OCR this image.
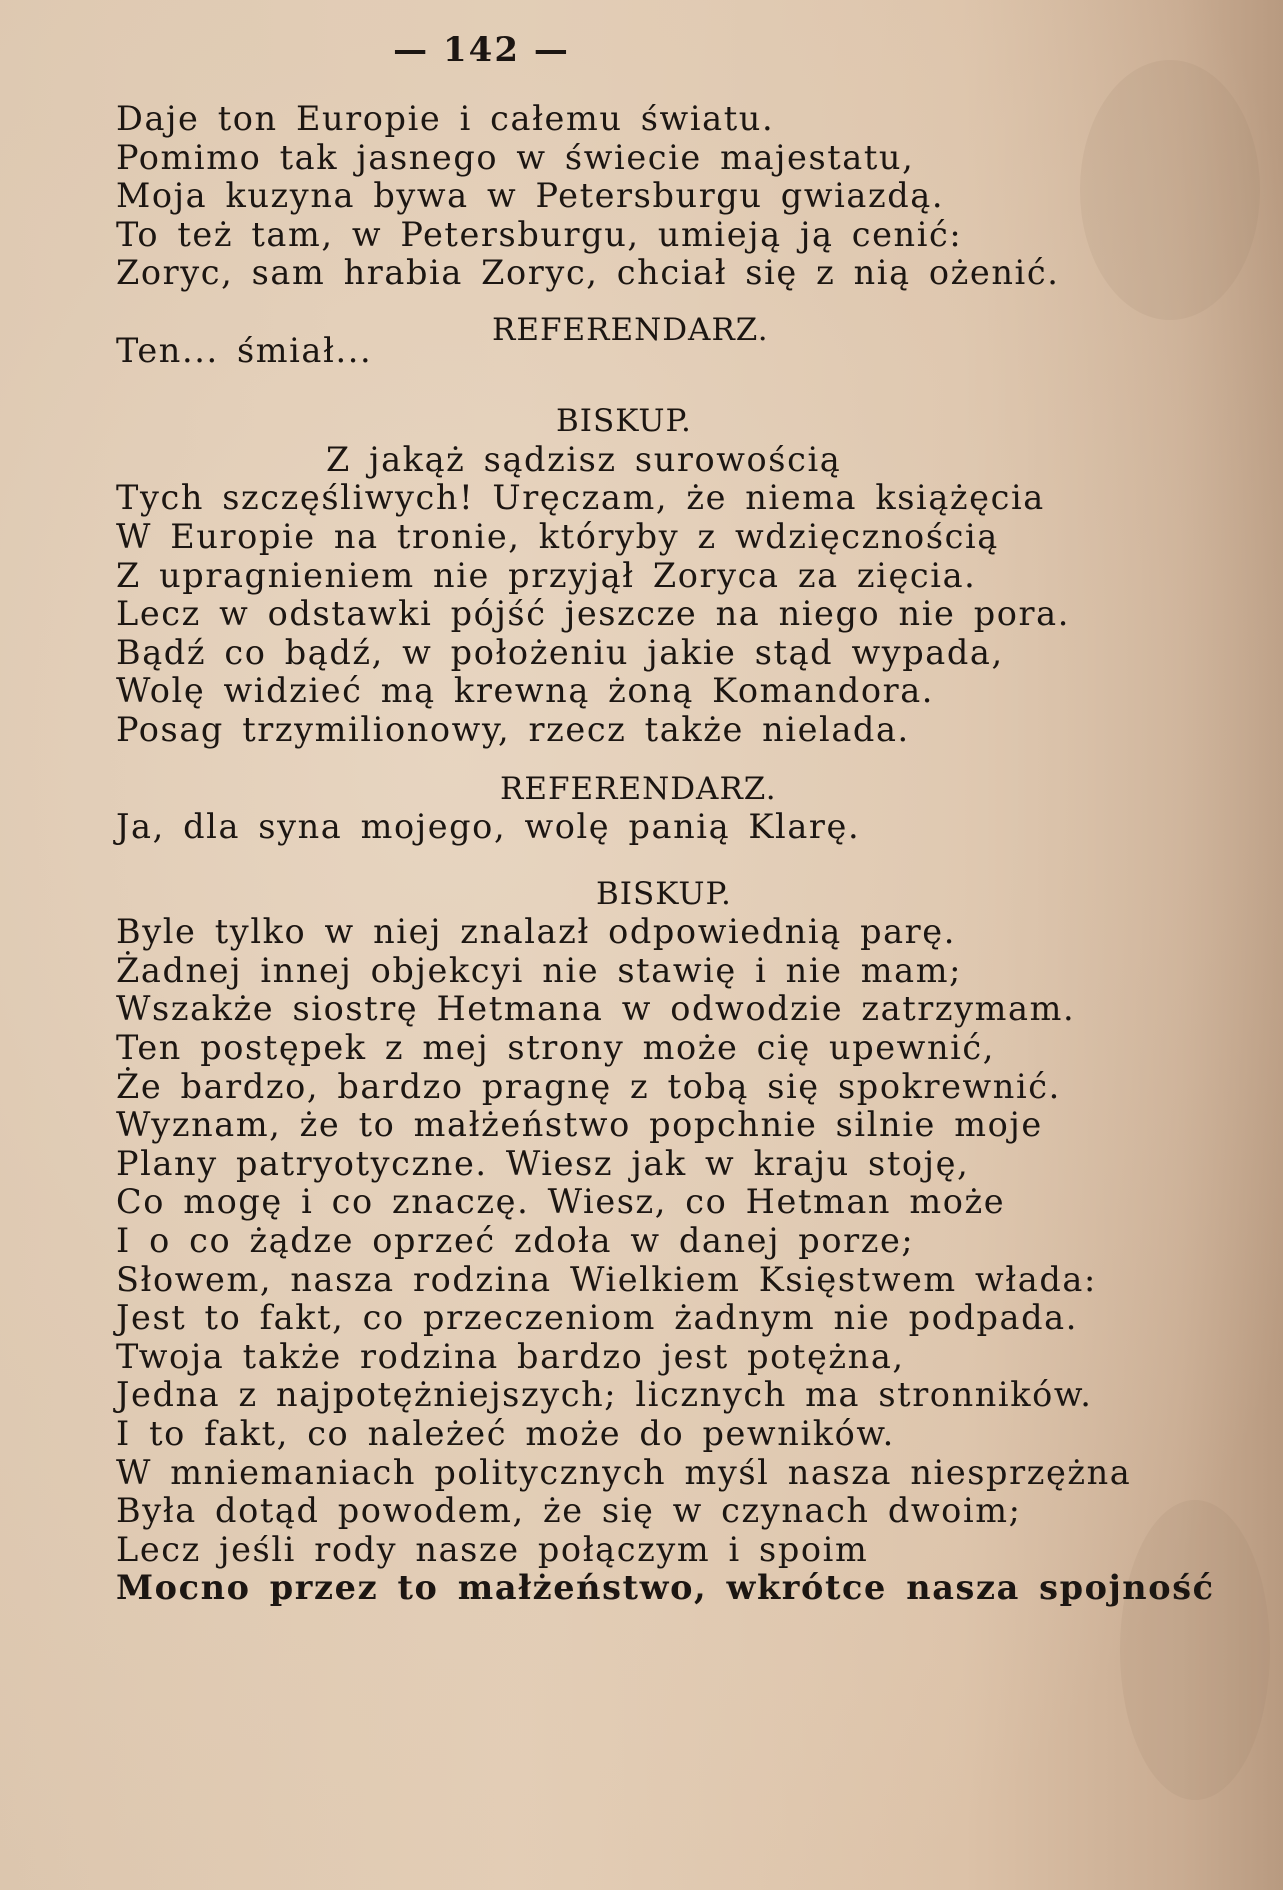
— 142 —
Daje ton Europie i całemu światu.
Pomimo tak jasnego w świecie majestatu,
Moja kuzyna bywa w Petersburgu gwiazdą.
To też tam, w Petersburgu, umieją ją cenić:
Zoryc, sam hrabia Zoryc, chciał się z nią ożenić.
REFERENDARZ.
Ten... śmiał...
BISKUP.
Z jakąż sądzisz surowością
Tych szczęśliwych! Uręczam, że niema książęcia
W Europie na tronie, któryby z wdzięcznością
Z upragnieniem nie przyjął Zoryca za zięcia.
Lecz w odstawki pójść jeszcze na niego nie pora.
Bądź co bądź, w położeniu jakie stąd wypada,
Wolę widzieć mą krewną żoną Komandora.
Posag trzymilionowy, rzecz także nielada.
REFERENDARZ.
Ja, dla syna mojego, wolę panią Klarę.
BISKUP.
Byle tylko w niej znalazł odpowiednią parę.
Żadnej innej objekcyi nie stawię i nie mam;
Wszakże siostrę Hetmana w odwodzie zatrzymam.
Ten postępek z mej strony może cię upewnić,
Że bardzo, bardzo pragnę z tobą się spokrewnić.
Wyznam, że to małżeństwo popchnie silnie moje
Plany patryotyczne. Wiesz jak w kraju stoję,
Co mogę i co znaczę. Wiesz, co Hetman może
I o co żądze oprzeć zdoła w danej porze;
Słowem, nasza rodzina Wielkiem Księstwem włada:
Jest to fakt, co przeczeniom żadnym nie podpada.
Twoja także rodzina bardzo jest potężna,
Jedna z najpotężniejszych; licznych ma stronników.
I to fakt, co należeć może do pewników.
W mniemaniach politycznych myśl nasza niesprzężna
Była dotąd powodem, że się w czynach dwoim;
Lecz jeśli rody nasze połączym i spoim
Mocno przez to małżeństwo, wkrótce nasza spojność
